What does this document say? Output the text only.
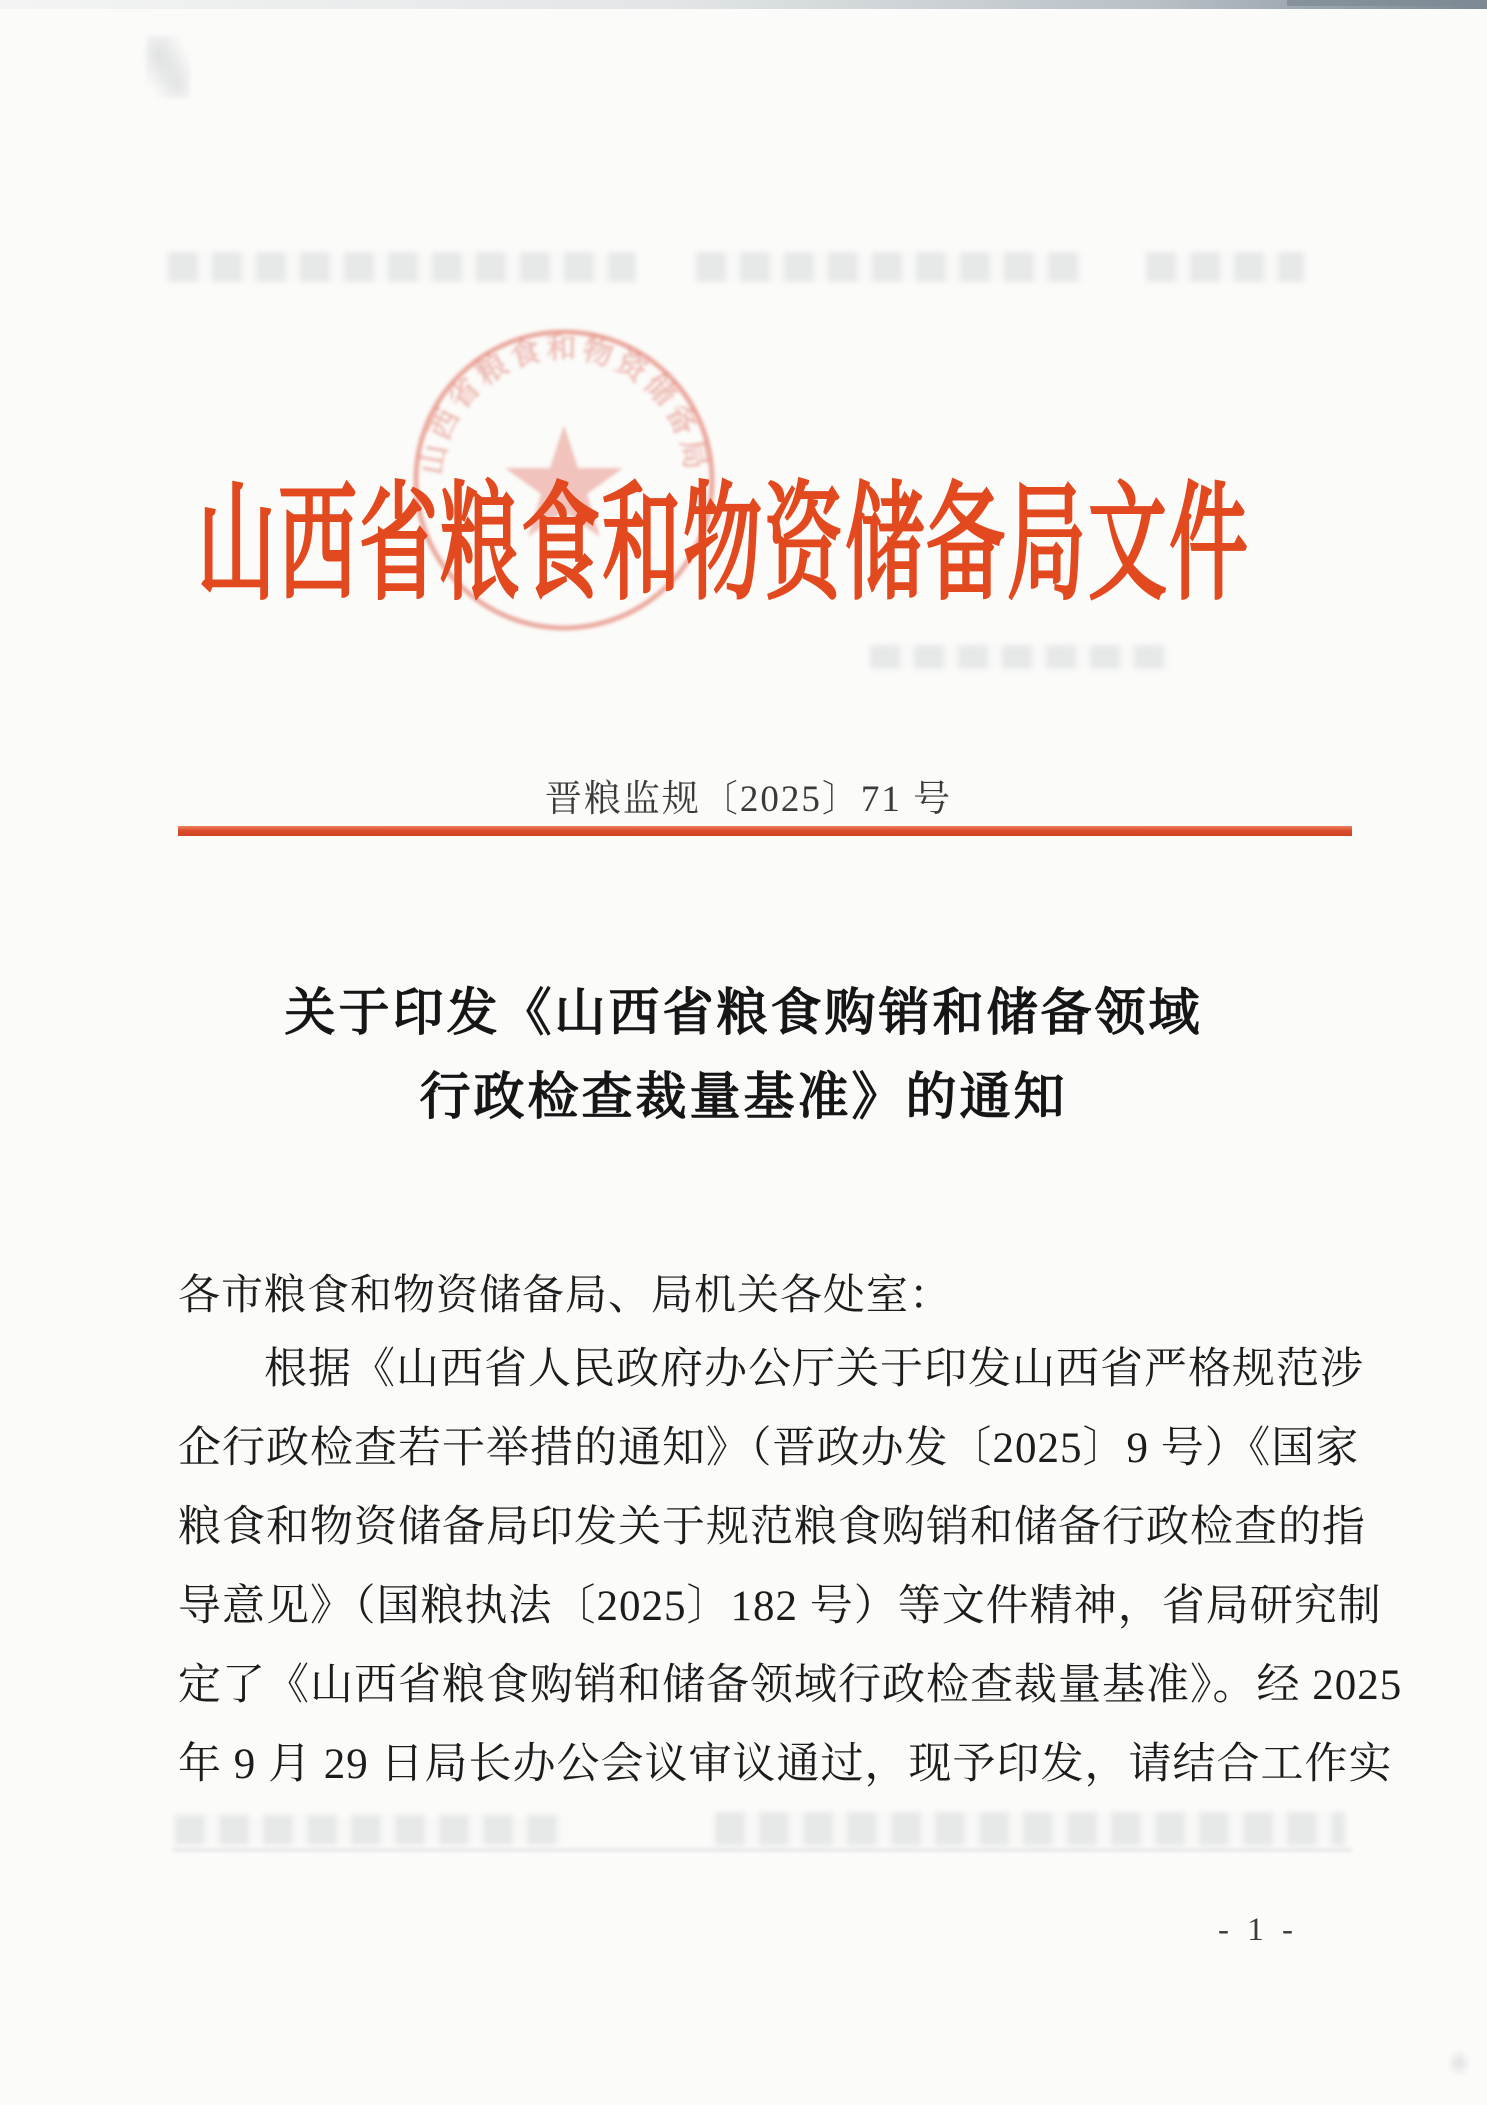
山西省粮食和物资储备局
山西省粮食和物资储备局文件
晋粮监规〔2025〕71 号
关于印发《山西省粮食购销和储备领域
行政检查裁量基准》的通知
各市粮食和物资储备局、局机关各处室：
根据《山西省人民政府办公厅关于印发山西省严格规范涉
企行政检查若干举措的通知》（晋政办发〔2025〕9 号）《国家
粮食和物资储备局印发关于规范粮食购销和储备行政检查的指
导意见》（国粮执法〔2025〕182 号）等文件精神，省局研究制
定了《山西省粮食购销和储备领域行政检查裁量基准》。经 2025
年 9 月 29 日局长办公会议审议通过，现予印发，请结合工作实
- 1 -
